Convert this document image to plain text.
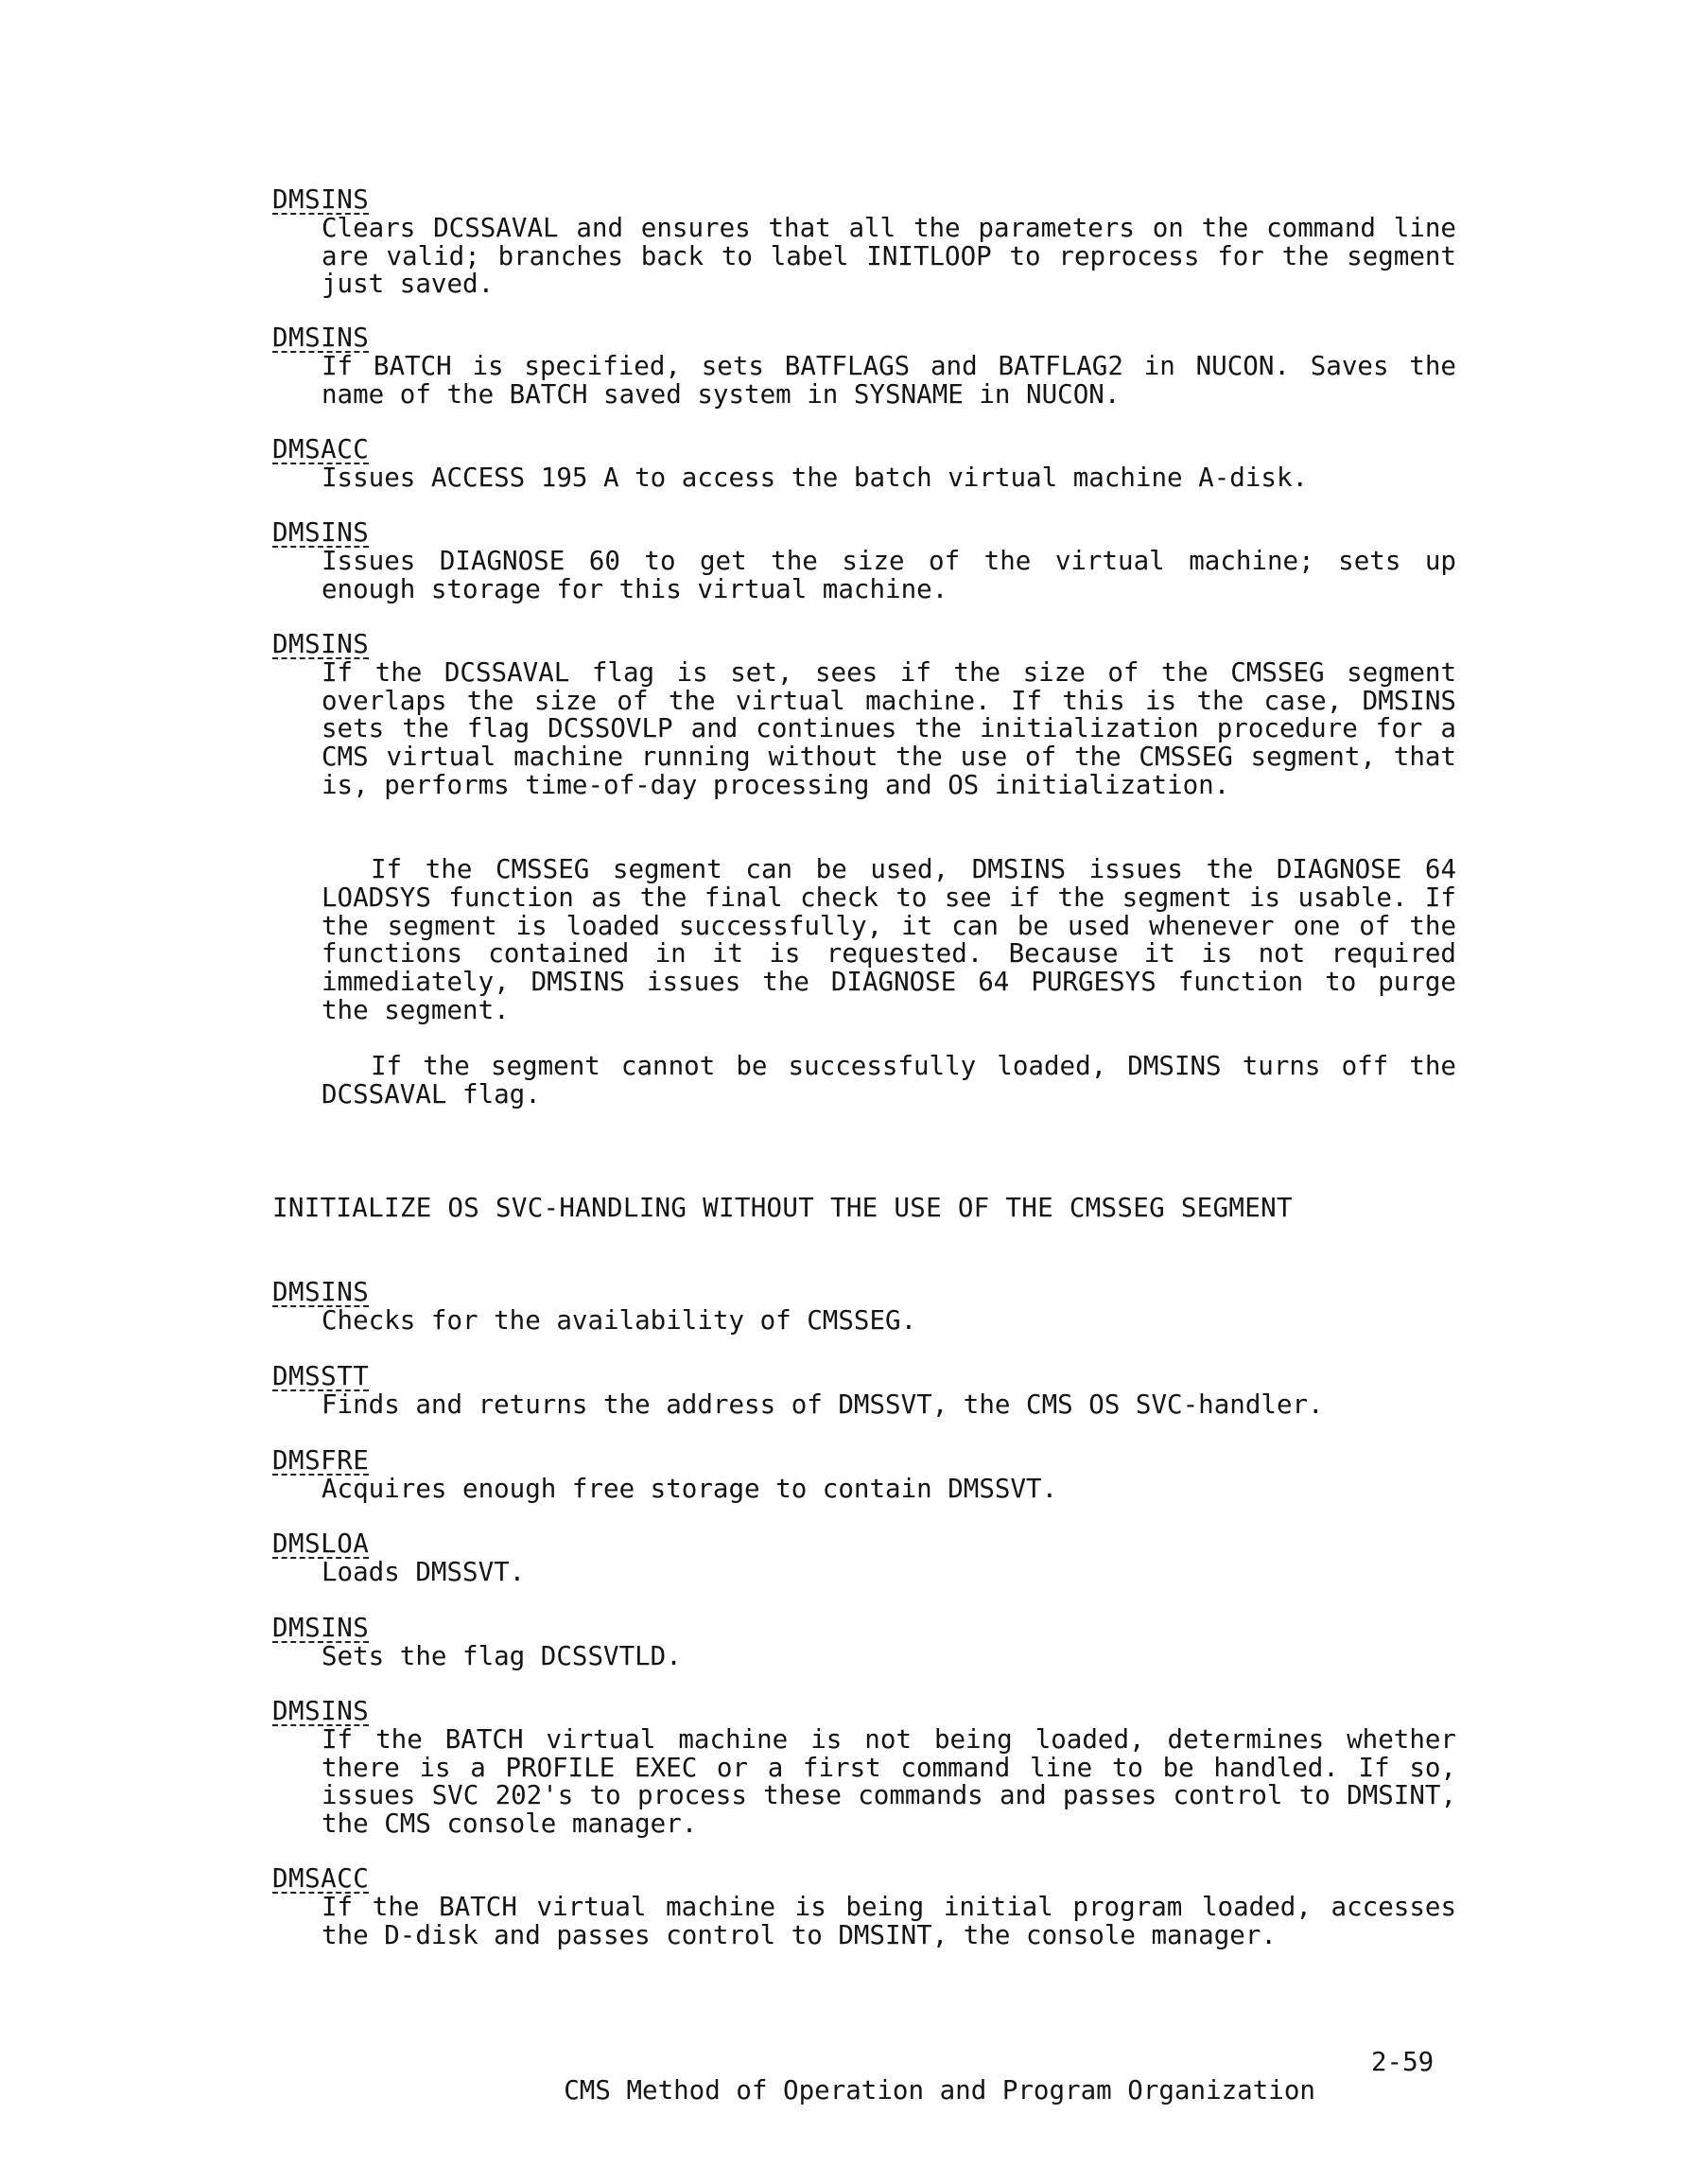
DMSINS
Clears DCSSAVAL and ensures that all the parameters on the command line are valid; branches back to label INITLOOP to reprocess for the segment just saved.
DMSINS
If BATCH is specified, sets BATFLAGS and BATFLAG2 in NUCON. Saves the name of the BATCH saved system in SYSNAME in NUCON.
DMSACC
Issues ACCESS 195 A to access the batch virtual machine A-disk.
DMSINS
Issues DIAGNOSE 60 to get the size of the virtual machine; sets up enough storage for this virtual machine.
DMSINS
If the DCSSAVAL flag is set, sees if the size of the CMSSEG segment overlaps the size of the virtual machine. If this is the case, DMSINS sets the flag DCSSOVLP and continues the initialization procedure for a CMS virtual machine running without the use of the CMSSEG segment, that is, performs time-of-day processing and OS initialization.

If the CMSSEG segment can be used, DMSINS issues the DIAGNOSE 64 LOADSYS function as the final check to see if the segment is usable. If the segment is loaded successfully, it can be used whenever one of the functions contained in it is requested. Because it is not required immediately, DMSINS issues the DIAGNOSE 64 PURGESYS function to purge the segment.

If the segment cannot be successfully loaded, DMSINS turns off the DCSSAVAL flag.

INITIALIZE OS SVC-HANDLING WITHOUT THE USE OF THE CMSSEG SEGMENT

DMSINS
Checks for the availability of CMSSEG.
DMSSTT
Finds and returns the address of DMSSVT, the CMS OS SVC-handler.
DMSFRE
Acquires enough free storage to contain DMSSVT.
DMSLOA
Loads DMSSVT.
DMSINS
Sets the flag DCSSVTLD.
DMSINS
If the BATCH virtual machine is not being loaded, determines whether there is a PROFILE EXEC or a first command line to be handled. If so, issues SVC 202's to process these commands and passes control to DMSINT, the CMS console manager.
DMSACC
If the BATCH virtual machine is being initial program loaded, accesses the D-disk and passes control to DMSINT, the console manager.

CMS Method of Operation and Program Organization

2-59
